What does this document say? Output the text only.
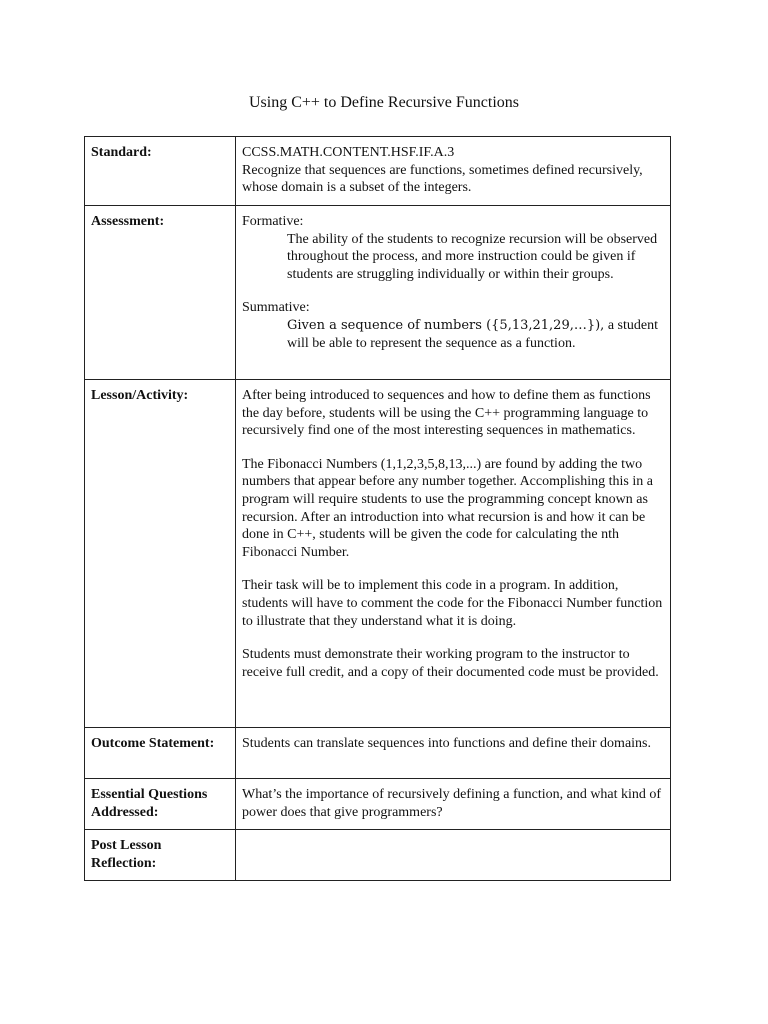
Using C++ to Define Recursive Functions
Standard:	CCSS.MATH.CONTENT.HSF.IF.A.3

Recognize that sequences are functions, sometimes defined recursively, whose domain is a subset of the integers.

Assessment:	Formative:

The ability of the students to recognize recursion will be observed throughout the process, and more instruction could be given if students are struggling individually or within their groups.

Summative:

Given a sequence of numbers ({5,13,21,29,…}), a student will be able to represent the sequence as a function.

Lesson/Activity:	After being introduced to sequences and how to define them as functions the day before, students will be using the C++ programming language to recursively find one of the most interesting sequences in mathematics.

The Fibonacci Numbers (1,1,2,3,5,8,13,...) are found by adding the two numbers that appear before any number together. Accomplishing this in a program will require students to use the programming concept known as recursion. After an introduction into what recursion is and how it can be done in C++, students will be given the code for calculating the nth Fibonacci Number.

Their task will be to implement this code in a program. In addition, students will have to comment the code for the Fibonacci Number function to illustrate that they understand what it is doing.

Students must demonstrate their working program to the instructor to receive full credit, and a copy of their documented code must be provided.

Outcome Statement:	Students can translate sequences into functions and define their domains.
Essential Questions Addressed:	What’s the importance of recursively defining a function, and what kind of power does that give programmers?
Post Lesson Reflection:	
